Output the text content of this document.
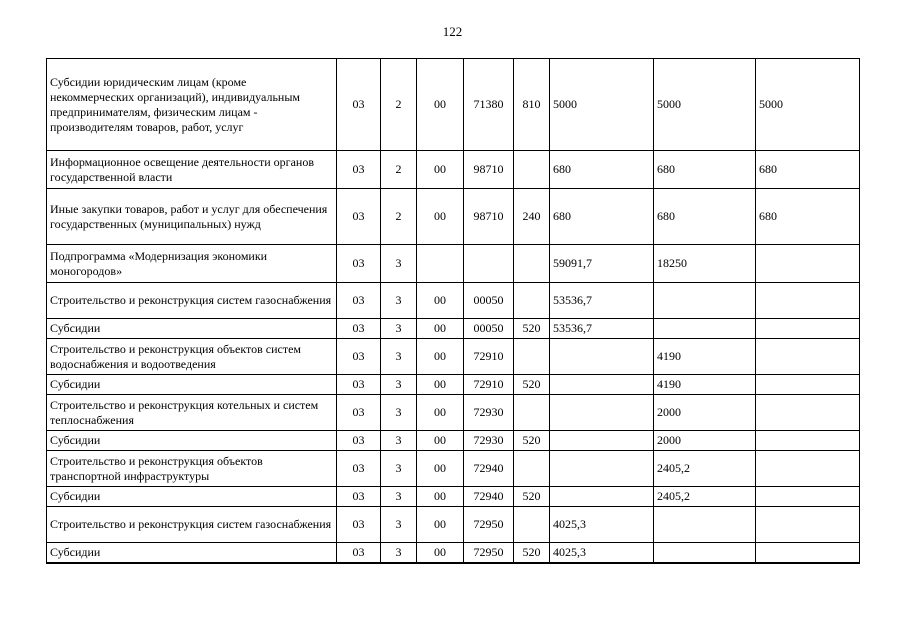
122
Субсидии юридическим лицам (кроме некоммерческих организаций), индивидуальным предпринимателям, физическим лицам - производителям товаров, работ, услуг	03	2	00	71380	810	5000	5000	5000
Информационное освещение деятельности органов государственной власти	03	2	00	98710		680	680	680
Иные закупки товаров, работ и услуг для обеспечения государственных (муниципальных) нужд	03	2	00	98710	240	680	680	680
Подпрограмма «Модернизация экономики моногородов»	03	3				59091,7	18250	
Строительство и реконструкция систем газоснабжения	03	3	00	00050		53536,7		
Субсидии	03	3	00	00050	520	53536,7		
Строительство и реконструкция объектов систем водоснабжения и водоотведения	03	3	00	72910			4190	
Субсидии	03	3	00	72910	520		4190	
Строительство и реконструкция котельных и систем теплоснабжения	03	3	00	72930			2000	
Субсидии	03	3	00	72930	520		2000	
Строительство и реконструкция объектов транспортной инфраструктуры	03	3	00	72940			2405,2	
Субсидии	03	3	00	72940	520		2405,2	
Строительство и реконструкция систем газоснабжения	03	3	00	72950		4025,3		
Субсидии	03	3	00	72950	520	4025,3		
